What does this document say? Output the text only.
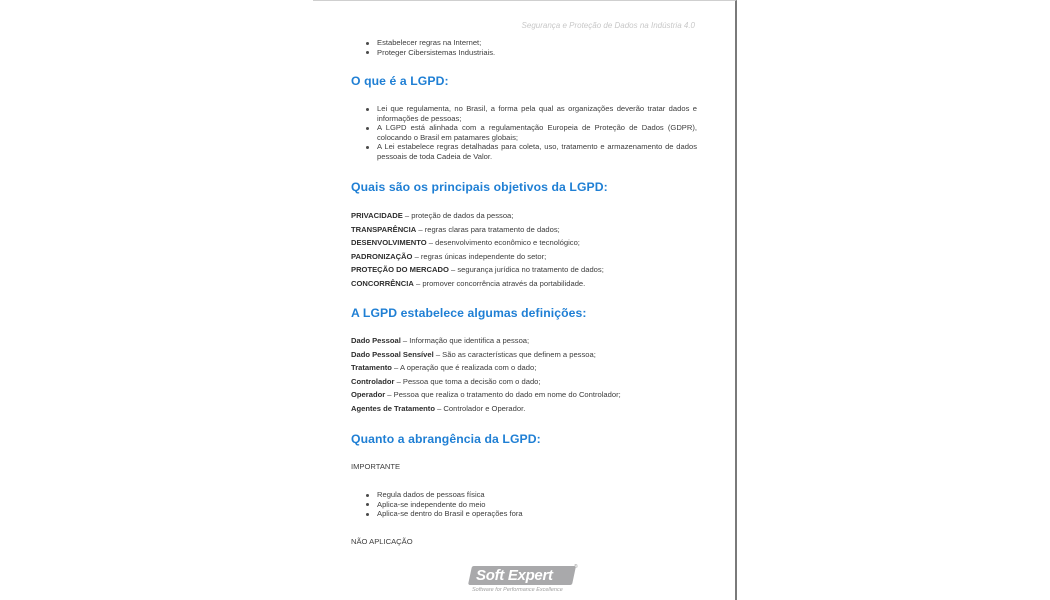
Segurança e Proteção de Dados na Indústria 4.0
Estabelecer regras na Internet;
Proteger Cibersistemas Industriais.
O que é a LGPD:
Lei que regulamenta, no Brasil, a forma pela qual as organizações deverão tratar dados e informações de pessoas;
A LGPD está alinhada com a regulamentação Europeia de Proteção de Dados (GDPR), colocando o Brasil em patamares globais;
A Lei estabelece regras detalhadas para coleta, uso, tratamento e armazenamento de dados pessoais de toda Cadeia de Valor.
Quais são os principais objetivos da LGPD:

PRIVACIDADE – proteção de dados da pessoa;

TRANSPARÊNCIA – regras claras para tratamento de dados;

DESENVOLVIMENTO – desenvolvimento econômico e tecnológico;

PADRONIZAÇÃO – regras únicas independente do setor;

PROTEÇÃO DO MERCADO – segurança jurídica no tratamento de dados;

CONCORRÊNCIA – promover concorrência através da portabilidade.

A LGPD estabelece algumas definições:

Dado Pessoal – Informação que identifica a pessoa;

Dado Pessoal Sensível – São as características que definem a pessoa;

Tratamento – A operação que é realizada com o dado;

Controlador – Pessoa que toma a decisão com o dado;

Operador – Pessoa que realiza o tratamento do dado em nome do Controlador;

Agentes de Tratamento – Controlador e Operador.

Quanto a abrangência da LGPD:
IMPORTANTE
Regula dados de pessoas física
Aplica-se independente do meio
Aplica-se dentro do Brasil e operações fora
NÃO APLICAÇÃO
Soft Expert	®
Software for Performance Excellence
